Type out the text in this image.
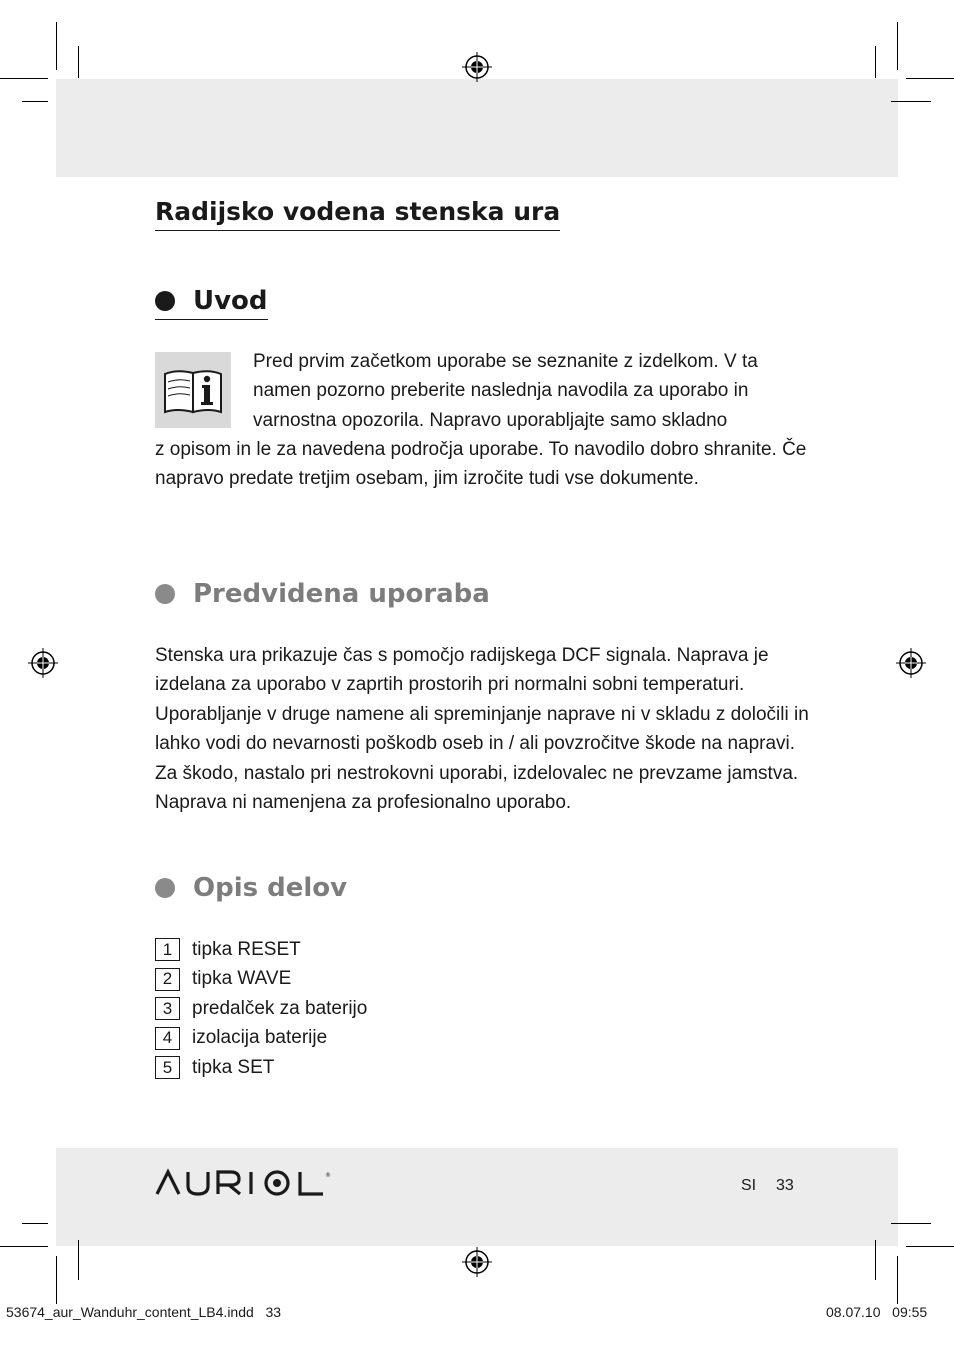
Radijsko vodena stenska ura
Uvod

Pred prvim začetkom uporabe se seznanite z izdelkom. V ta namen pozorno preberite naslednja navodila za uporabo in varnostna opozorila. Napravo uporabljajte samo skladno

z opisom in le za navedena področja uporabe. To navodilo dobro shranite. Če napravo predate tretjim osebam, jim izročite tudi vse dokumente.

Predvidena uporaba

Stenska ura prikazuje čas s pomočjo radijskega DCF signala. Naprava je izdelana za uporabo v zaprtih prostorih pri normalni sobni temperaturi. Uporabljanje v druge namene ali spreminjanje naprave ni v skladu z določili in lahko vodi do nevarnosti poškodb oseb in / ali povzročitve škode na napravi. Za škodo, nastalo pri nestrokovni uporabi, izdelovalec ne prevzame jamstva. Naprava ni namenjena za profesionalno uporabo.

Opis delov
1	tipka RESET
2	tipka WAVE
3	predalček za baterijo
4	izolacija baterije
5	tipka SET
®
SI 33
53674_aur_Wanduhr_content_LB4.indd   33	08.07.10   09:55
